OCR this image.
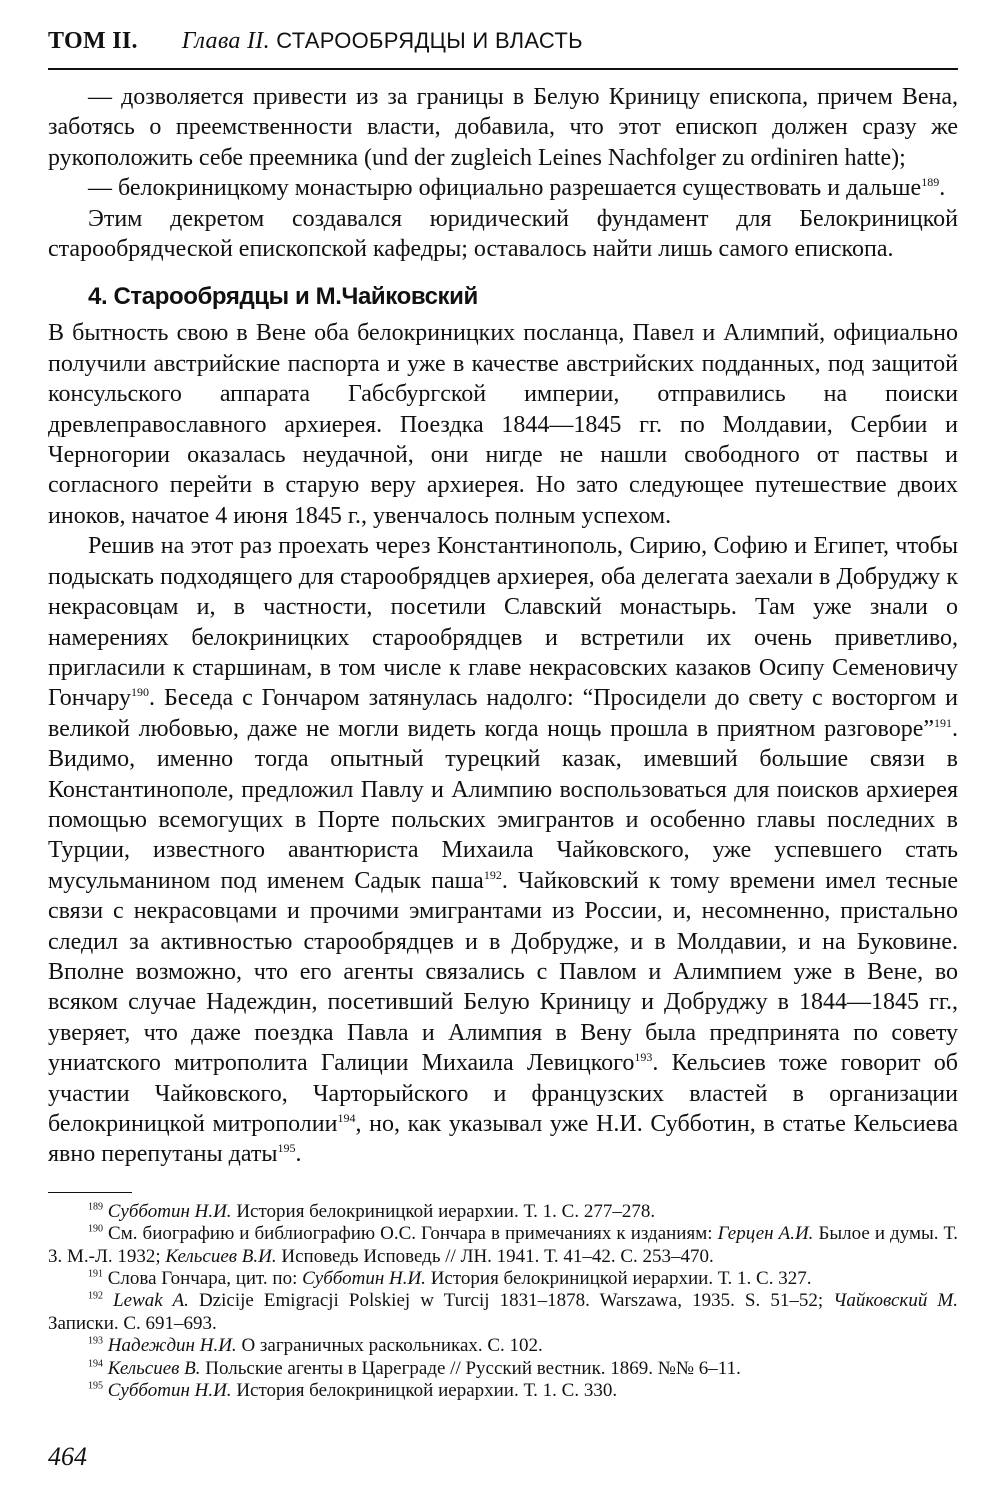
ТОМ II. Глава II. СТАРООБРЯДЦЫ И ВЛАСТЬ

— дозволяется привести из за границы в Белую Криницу епископа, причем Вена, заботясь о преемственности власти, добавила, что этот епископ должен сразу же рукоположить себе преемника (und der zugleich Leines Nachfolger zu ordiniren hatte);

— белокриницкому монастырю официально разрешается существовать и дальше$^{189}$.

Этим декретом создавался юридический фундамент для Белокриницкой старообрядческой епископской кафедры; оставалось найти лишь самого епископа.

4. Старообрядцы и М.Чайковский

В бытность свою в Вене оба белокриницких посланца, Павел и Алимпий, официально получили австрийские паспорта и уже в качестве австрийских подданных, под защитой консульского аппарата Габсбургской империи, отправились на поиски древлеправославного архиерея. Поездка 1844—1845 гг. по Молдавии, Сербии и Черногории оказалась неудачной, они нигде не нашли свободного от паствы и согласного перейти в старую веру архиерея. Но зато следующее путешествие двоих иноков, начатое 4 июня 1845 г., увенчалось полным успехом.

Решив на этот раз проехать через Константинополь, Сирию, Софию и Египет, чтобы подыскать подходящего для старообрядцев архиерея, оба делегата заехали в Добруджу к некрасовцам и, в частности, посетили Славский монастырь. Там уже знали о намерениях белокриницких старообрядцев и встретили их очень приветливо, пригласили к старшинам, в том числе к главе некрасовских казаков Осипу Семеновичу Гончару$^{190}$. Беседа с Гончаром затянулась надолго: “Просидели до свету с восторгом и великой любовью, даже не могли видеть когда нощь прошла в приятном разговоре”$^{191}$. Видимо, именно тогда опытный турецкий казак, имевший большие связи в Константинополе, предложил Павлу и Алимпию воспользоваться для поисков архиерея помощью всемогущих в Порте польских эмигрантов и особенно главы последних в Турции, известного авантюриста Михаила Чайковского, уже успевшего стать мусульманином под именем Садык паша$^{192}$. Чайковский к тому времени имел тесные связи с некрасовцами и прочими эмигрантами из России, и, несомненно, пристально следил за активностью старообрядцев и в Добрудже, и в Молдавии, и на Буковине. Вполне возможно, что его агенты связались с Павлом и Алимпием уже в Вене, во всяком случае Надеждин, посетивший Белую Криницу и Добруджу в 1844—1845 гг., уверяет, что даже поездка Павла и Алимпия в Вену была предпринята по совету униатского митрополита Галиции Михаила Левицкого$^{193}$. Кельсиев тоже говорит об участии Чайковского, Чарторыйского и французских властей в организации белокриницкой митрополии$^{194}$, но, как указывал уже Н.И. Субботин, в статье Кельсиева явно перепутаны даты$^{195}$.

$^{189}$ Субботин Н.И. История белокриницкой иерархии. Т. 1. С. 277–278.

$^{190}$ См. биографию и библиографию О.С. Гончара в примечаниях к изданиям: Герцен А.И. Былое и думы. Т. 3. М.-Л. 1932; Кельсиев В.И. Исповедь Исповедь // ЛН. 1941. Т. 41–42. С. 253–470.

$^{191}$ Слова Гончара, цит. по: Субботин Н.И. История белокриницкой иерархии. Т. 1. С. 327.

$^{192}$ Lewak A. Dzicije Emigracji Polskiej w Turcij 1831–1878. Warszawa, 1935. S. 51–52; Чайковский М. Записки. С. 691–693.

$^{193}$ Надеждин Н.И. О заграничных раскольниках. С. 102.

$^{194}$ Кельсиев В. Польские агенты в Цареграде // Русский вестник. 1869. №№ 6–11.

$^{195}$ Субботин Н.И. История белокриницкой иерархии. Т. 1. С. 330.

464
